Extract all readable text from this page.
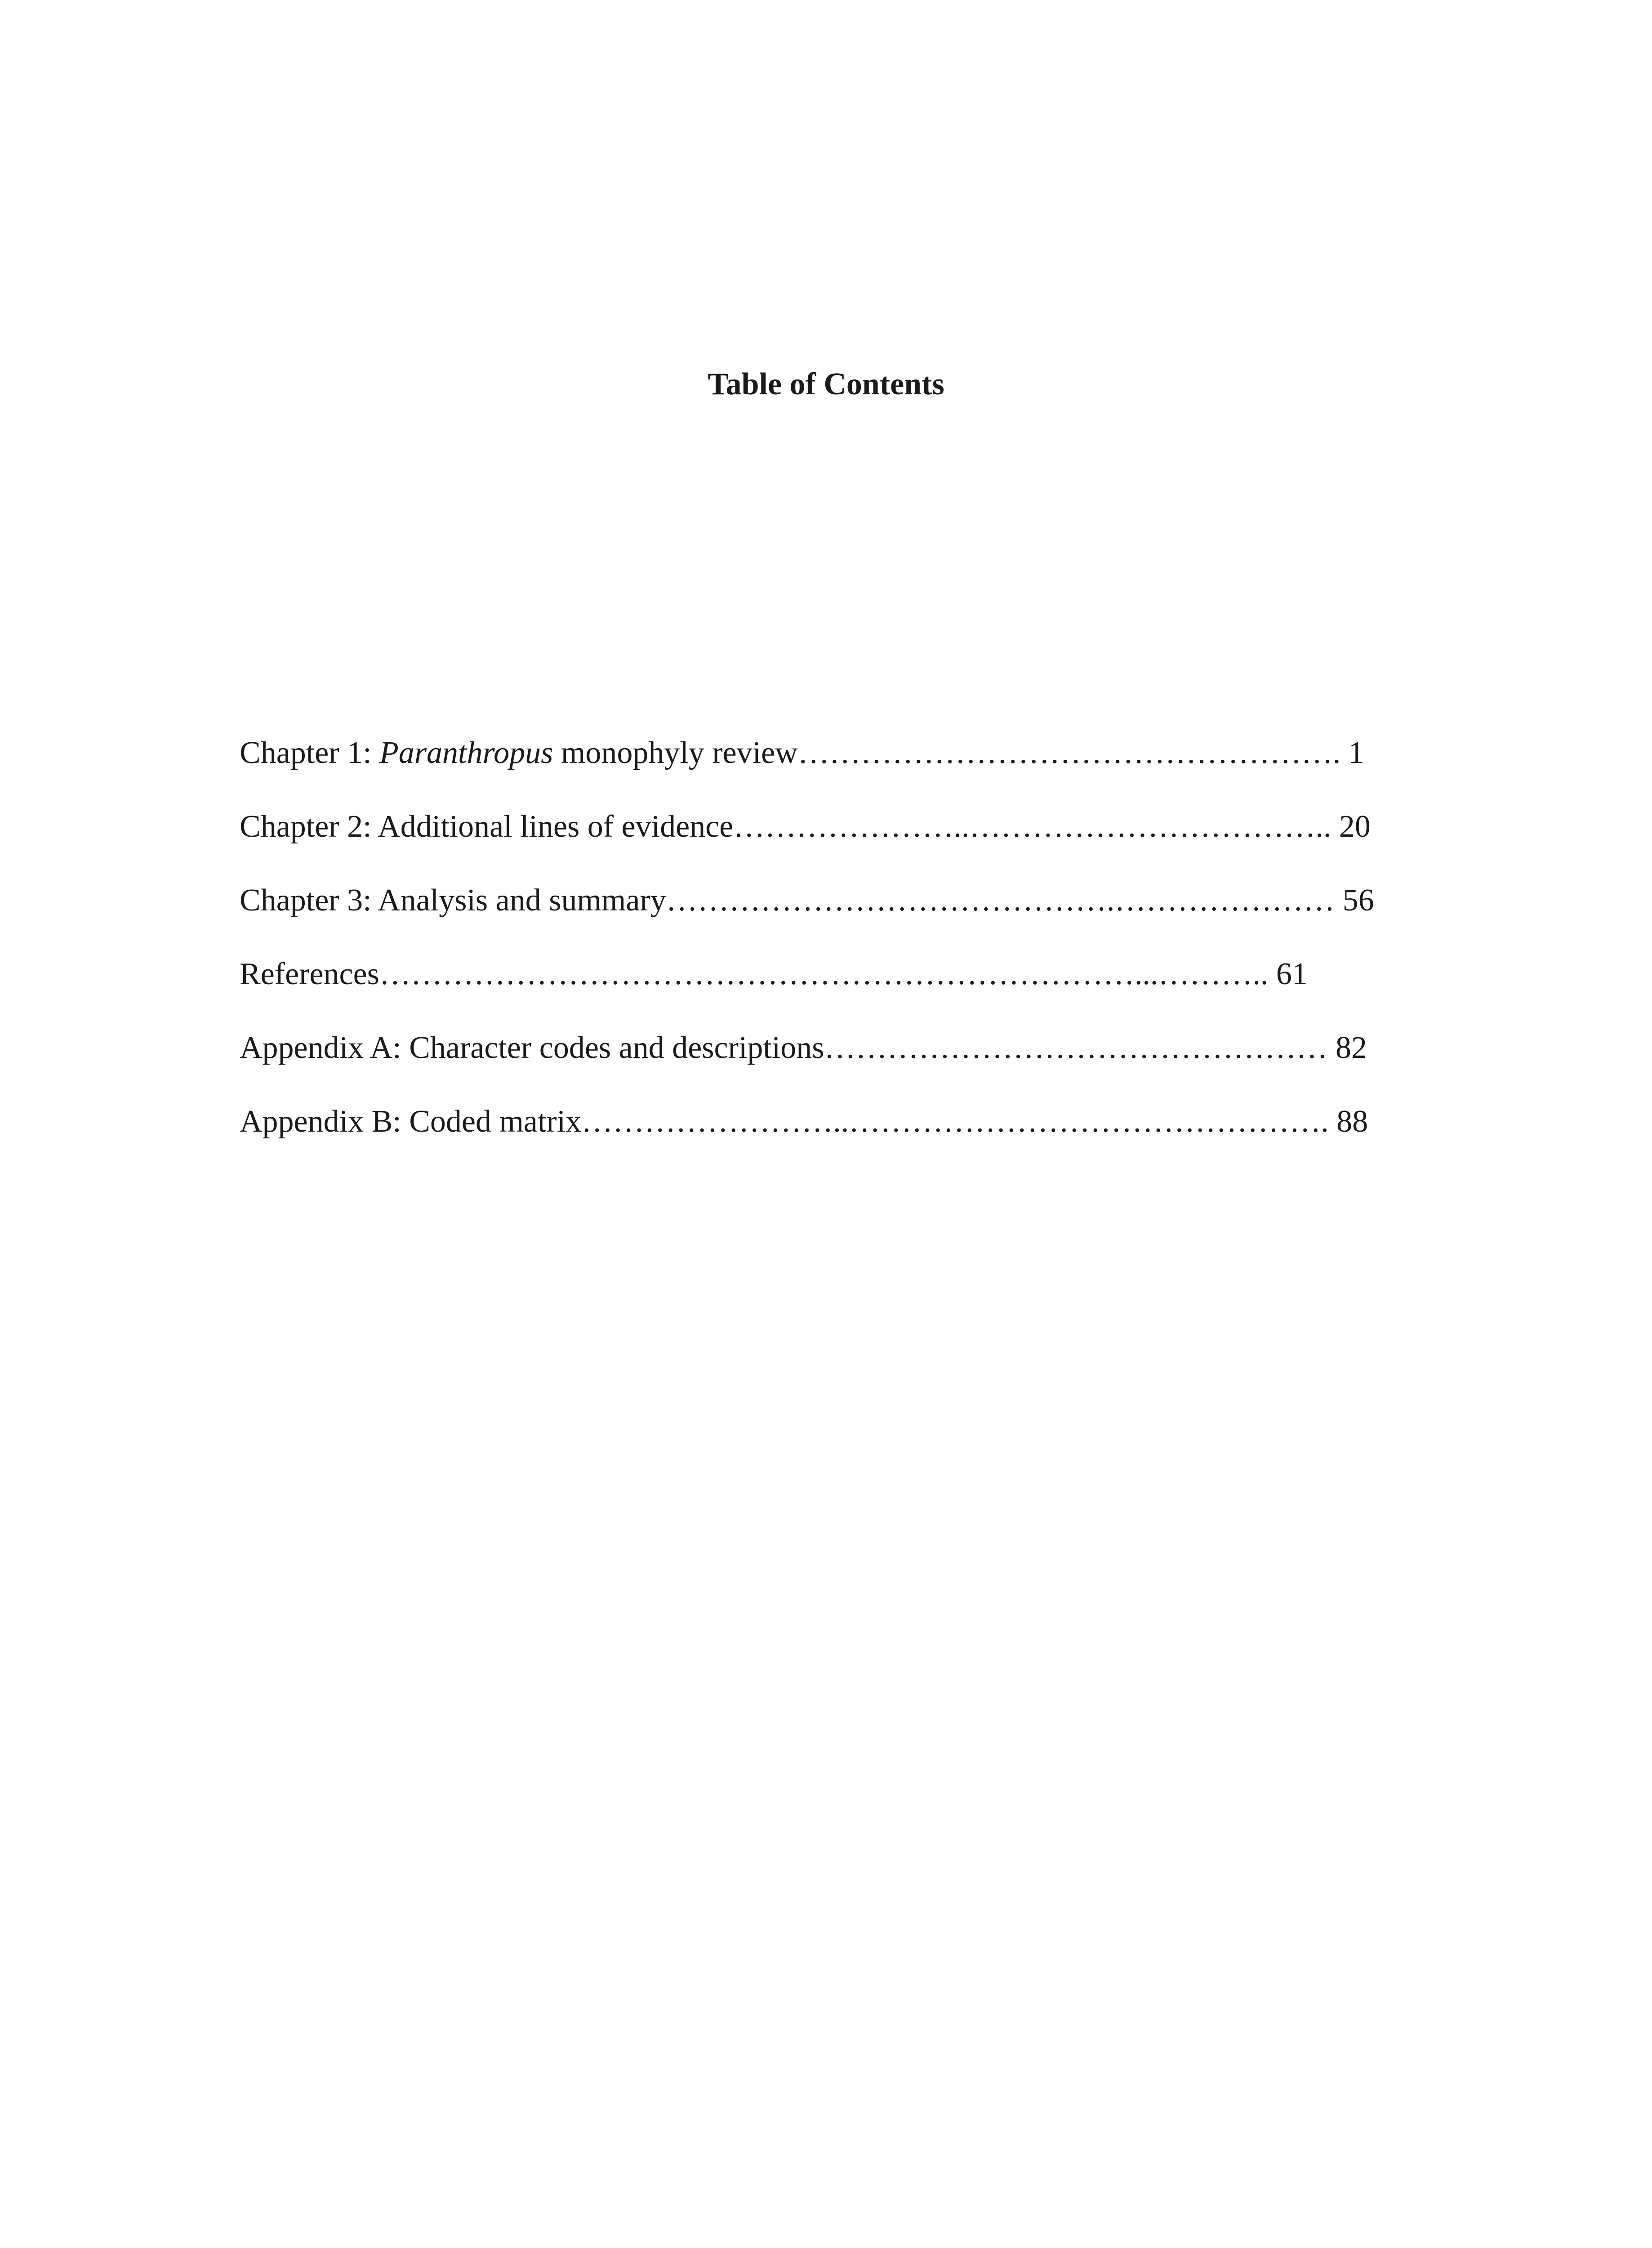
Table of Contents
Chapter 1: Paranthropus monophyly review……………………………………………. 1
Chapter 2: Additional lines of evidence…………………..…………………………….. 20
Chapter 3: Analysis and summary…………………………………….………………… 56
References………………………………………………………………...……….. 61
Appendix A: Character codes and descriptions………………………………………… 82
Appendix B: Coded matrix……………………..………………………………………. 88
